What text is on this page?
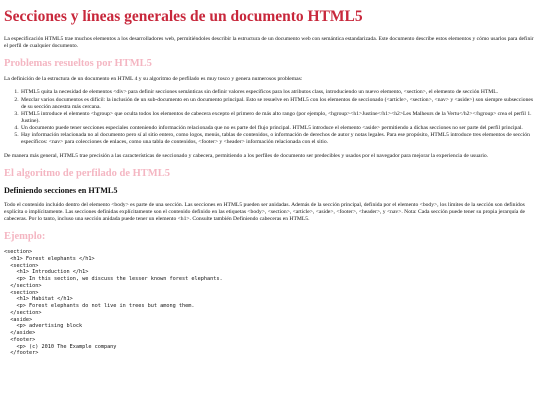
Secciones y líneas generales de un documento HTML5

La especificación HTML5 trae muchos elementos a los desarrolladores web, permitiéndoles describir la estructura de un documento web con semántica estandarizada. Este documento describe estos elementos y cómo usarlos para definir el perfil de cualquier documento.

Problemas resueltos por HTML5

La definición de la estructura de un documento en HTML 4 y su algoritmo de perfilado es muy tosco y genera numerosos problemas:

1. HTML5 quita la necesidad de elementos <div> para definir secciones semánticas sin definir valores específicos para los atributos class, introduciendo un nuevo elemento, <section>, el elemento de sección HTML.
2. Mezclar varios documentos es difícil: la inclusión de un sub-documento en un documento principal. Esto se resuelve en HTML5 con los elementos de seccionado (<article>, <section>, <nav> y <aside>) son siempre subsecciones de su sección ancestra más cercana.
3. HTML5 introduce el elemento <hgroup> que oculta todos los elementos de cabecera excepto el primero de más alto rango (por ejemplo, <hgroup><h1>Justine</h1><h2>Les Malheurs de la Vertu</h2></hgroup> crea el perfil 1. Justine).
4. Un documento puede tener secciones especiales conteniendo información relacionada que no es parte del flujo principal. HTML5 introduce el elemento <aside> permitiendo a dichas secciones no ser parte del perfil principal.
5. Hay información relacionada no al documento pero sí al sitio entero, como logos, menús, tablas de contenidos, o información de derechos de autor y notas legales. Para ese propósito, HTML5 introduce tres elementos de sección específicos: <nav> para colecciones de enlaces, como una tabla de contenidos, <footer> y <header> información relacionada con el sitio.

De manera más general, HTML5 trae precisión a las características de seccionado y cabecera, permitiendo a los perfiles de documento ser predecibles y usados por el navegador para mejorar la experiencia de usuario.

El algoritmo de perfilado de HTML5
Definiendo secciones en HTML5

Todo el contenido incluido dentro del elemento <body> es parte de una sección. Las secciones en HTML5 pueden ser anidadas. Además de la sección principal, definida por el elemento <body>, los límites de la sección son definidos explícita o implícitamente. Las secciones definidas explícitamente son el contenido definido en las etiquetas <body>, <section>, <article>, <aside>, <footer>, <header>, y <nav>. Nota: Cada sección puede tener su propia jerarquía de cabeceras. Por lo tanto, incluso una sección anidada puede tener un elemento <h1>. Consulte también Definiendo cabeceras en HTML5.

Ejemplo:
<section>
<h1> Forest elephants </h1>
<section>
<h1> Introduction </h1>
<p> In this section, we discuss the lesser known forest elephants.
</section>
<section>
<h1> Habitat </h1>
<p> Forest elephants do not live in trees but among them.
</section>
<aside>
<p> advertising block
</aside>
<footer>
<p> (c) 2010 The Example company
</footer>
